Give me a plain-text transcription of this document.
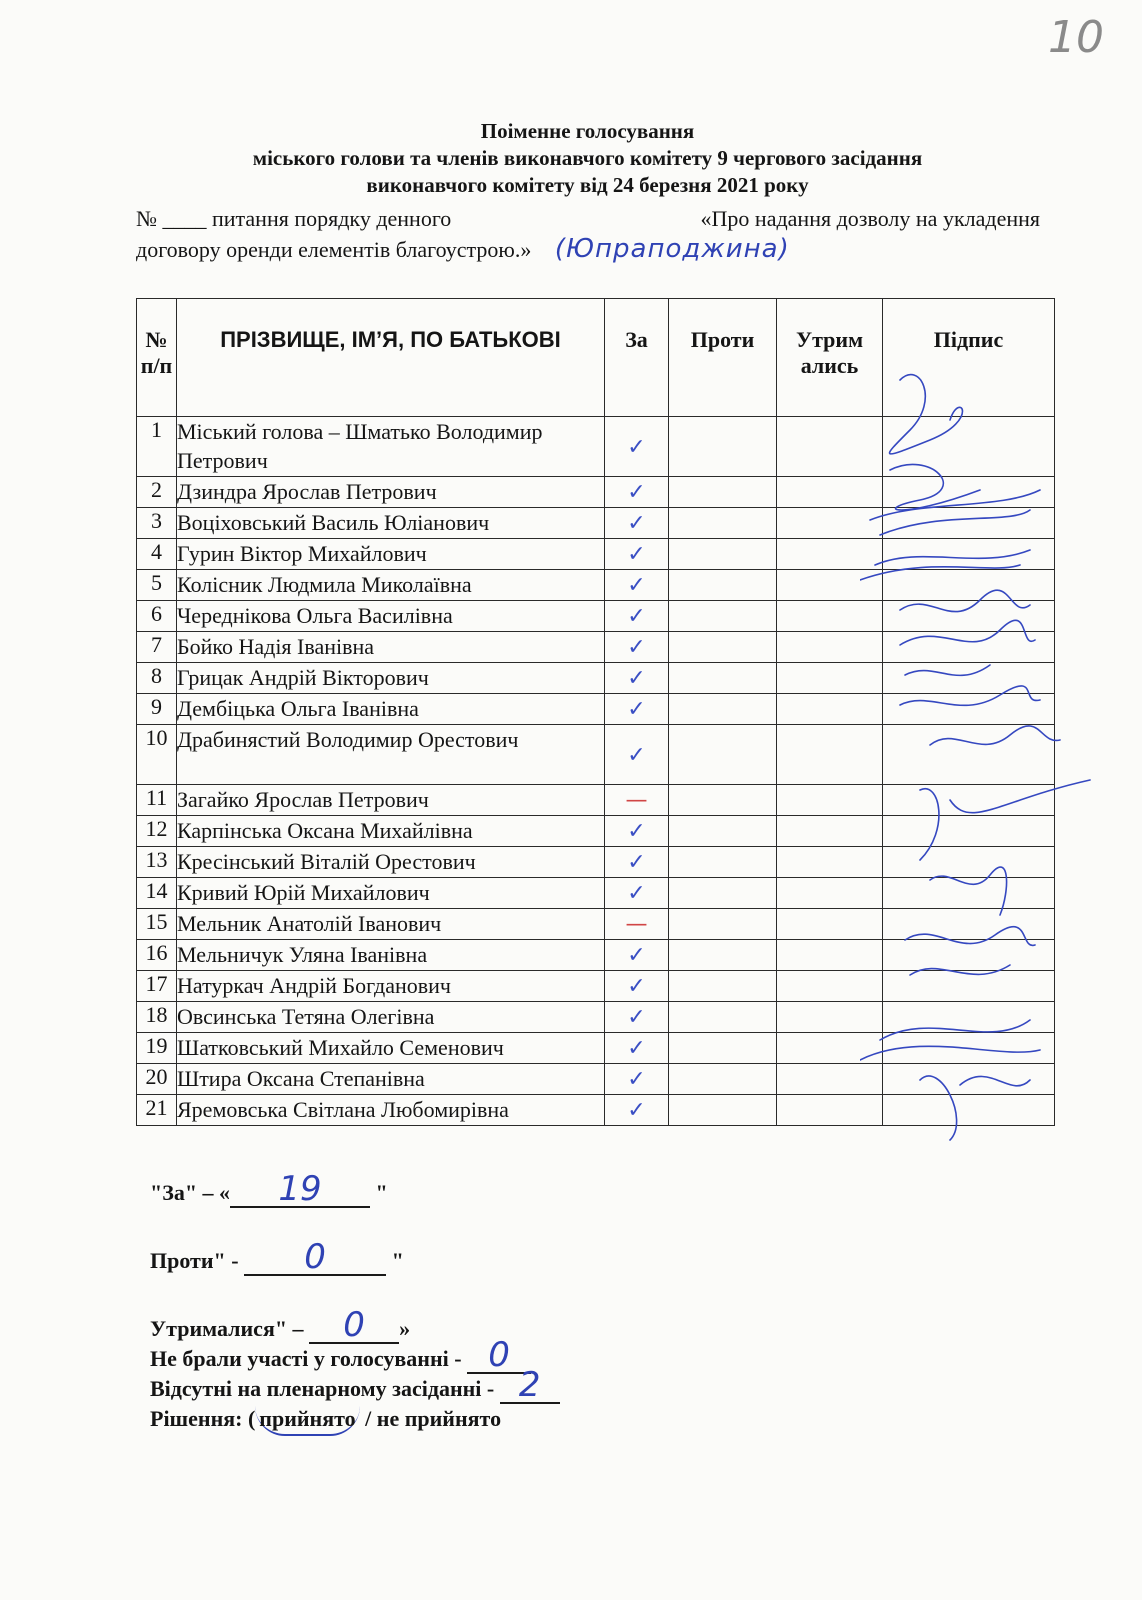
10
Поіменне голосування
міського голови та членів виконавчого комітету 9 чергового засідання
виконавчого комітету від 24 березня 2021 року
№ ____ питання порядку денного	«Про надання дозволу на укладення
договору оренди елементів благоустрою.» (Юпраподжина)
№ п/п	ПРІЗВИЩЕ, ІМ’Я, ПО БАТЬКОВІ	За	Проти	Утрим ались	Підпис
1	Міський голова – Шматько Володимир Петрович	✓			
2	Дзиндра Ярослав Петрович	✓			
3	Воціховський Василь Юліанович	✓			
4	Гурин Віктор Михайлович	✓			
5	Колісник Людмила Миколаївна	✓			
6	Череднікова Ольга Василівна	✓			
7	Бойко Надія Іванівна	✓			
8	Грицак Андрій Вікторович	✓			
9	Дембіцька Ольга Іванівна	✓			
10	Драбинястий Володимир Орестович	✓			
11	Загайко Ярослав Петрович	—			
12	Карпінська Оксана Михайлівна	✓			
13	Кресінський Віталій Орестович	✓			
14	Кривий Юрій Михайлович	✓			
15	Мельник Анатолій Іванович	—			
16	Мельничук Уляна Іванівна	✓			
17	Натуркач Андрій Богданович	✓			
18	Овсинська Тетяна Олегівна	✓			
19	Шатковський Михайло Семенович	✓			
20	Штира Оксана Степанівна	✓			
21	Яремовська Світлана Любомирівна	✓			
"За" – «	19	"
Проти" -	0	"
Утрималися" –	0	»
Не брали участі у голосуванні - 0
Відсутні на пленарному засіданні - 2
Рішення: ( прийнято / не прийнято
